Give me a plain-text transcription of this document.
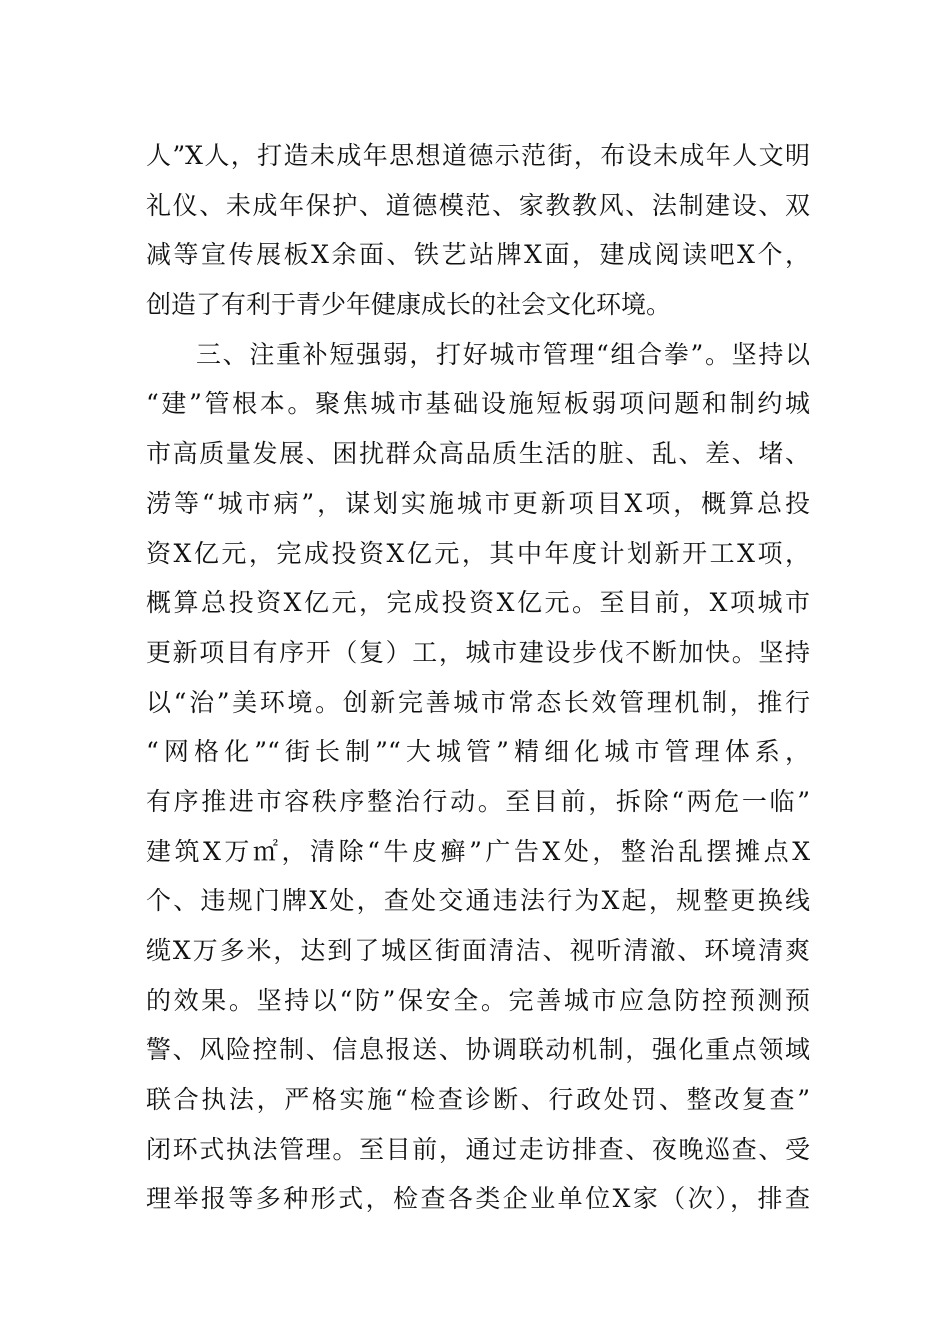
人”X人，打造未成年思想道德示范街，布设未成年人文明
礼仪、未成年保护、道德模范、家教教风、法制建设、双
减等宣传展板X余面、铁艺站牌X面，建成阅读吧X个，
创造了有利于青少年健康成长的社会文化环境。
三、注重补短强弱，打好城市管理“组合拳”。坚持以
“建”管根本。聚焦城市基础设施短板弱项问题和制约城
市高质量发展、困扰群众高品质生活的脏、乱、差、堵、
涝等“城市病”，谋划实施城市更新项目X项，概算总投
资X亿元，完成投资X亿元，其中年度计划新开工X项，
概算总投资X亿元，完成投资X亿元。至目前，X项城市
更新项目有序开（复）工，城市建设步伐不断加快。坚持
以“治”美环境。创新完善城市常态长效管理机制，推行
“网格化”“街长制”“大城管”精细化城市管理体系，
有序推进市容秩序整治行动。至目前，拆除“两危一临”
建筑X万㎡，清除“牛皮癣”广告X处，整治乱摆摊点X
个、违规门牌X处，查处交通违法行为X起，规整更换线
缆X万多米，达到了城区街面清洁、视听清澈、环境清爽
的效果。坚持以“防”保安全。完善城市应急防控预测预
警、风险控制、信息报送、协调联动机制，强化重点领域
联合执法，严格实施“检查诊断、行政处罚、整改复查”
闭环式执法管理。至目前，通过走访排查、夜晚巡查、受
理举报等多种形式，检查各类企业单位X家（次），排查
